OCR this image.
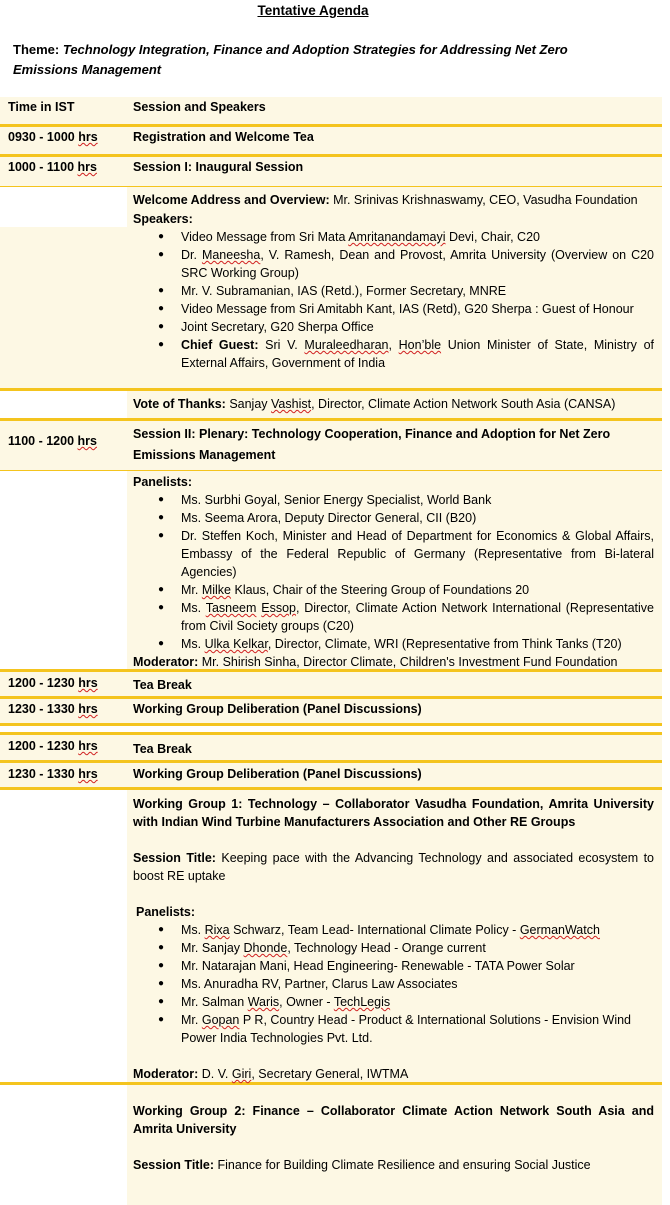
Tentative Agenda
Theme: Technology Integration, Finance and Adoption Strategies for Addressing Net Zero Emissions Management
Time in IST	Session and Speakers
0930 - 1000 hrs	Registration and Welcome Tea
1000 - 1100 hrs	Session I: Inaugural Session
Welcome Address and Overview: Mr. Srinivas Krishnaswamy, CEO, Vasudha Foundation
Speakers:
● Video Message from Sri Mata Amritanandamayi Devi, Chair, C20
● Dr. Maneesha, V. Ramesh, Dean and Provost, Amrita University (Overview on C20 SRC Working Group)
● Mr. V. Subramanian, IAS (Retd.), Former Secretary, MNRE
● Video Message from Sri Amitabh Kant, IAS (Retd), G20 Sherpa : Guest of Honour
● Joint Secretary, G20 Sherpa Office
● Chief Guest: Sri V. Muraleedharan, Hon’ble Union Minister of State, Ministry of External Affairs, Government of India
Vote of Thanks: Sanjay Vashist, Director, Climate Action Network South Asia (CANSA)
1100 - 1200 hrs	Session II: Plenary: Technology Cooperation, Finance and Adoption for Net Zero Emissions Management
Panelists:
● Ms. Surbhi Goyal, Senior Energy Specialist, World Bank
● Ms. Seema Arora, Deputy Director General, CII (B20)
● Dr. Steffen Koch, Minister and Head of Department for Economics & Global Affairs, Embassy of the Federal Republic of Germany (Representative from Bi-lateral Agencies)
● Mr. Milke Klaus, Chair of the Steering Group of Foundations 20
● Ms. Tasneem Essop, Director, Climate Action Network International (Representative from Civil Society groups (C20)
● Ms. Ulka Kelkar, Director, Climate, WRI (Representative from Think Tanks (T20)
Moderator: Mr. Shirish Sinha, Director Climate, Children's Investment Fund Foundation
1200 - 1230 hrs	Tea Break
1230 - 1330 hrs	Working Group Deliberation (Panel Discussions)
1200 - 1230 hrs	Tea Break
1230 - 1330 hrs	Working Group Deliberation (Panel Discussions)
Working Group 1: Technology – Collaborator Vasudha Foundation, Amrita University with Indian Wind Turbine Manufacturers Association and Other RE Groups
Session Title: Keeping pace with the Advancing Technology and associated ecosystem to boost RE uptake
Panelists:
● Ms. Rixa Schwarz, Team Lead- International Climate Policy - GermanWatch
● Mr. Sanjay Dhonde, Technology Head - Orange current
● Mr. Natarajan Mani, Head Engineering- Renewable - TATA Power Solar
● Ms. Anuradha RV, Partner, Clarus Law Associates
● Mr. Salman Waris, Owner - TechLegis
● Mr. Gopan P R, Country Head - Product & International Solutions - Envision Wind Power India Technologies Pvt. Ltd.
Moderator: D. V. Giri, Secretary General, IWTMA
Working Group 2: Finance – Collaborator Climate Action Network South Asia and Amrita University
Session Title: Finance for Building Climate Resilience and ensuring Social Justice
